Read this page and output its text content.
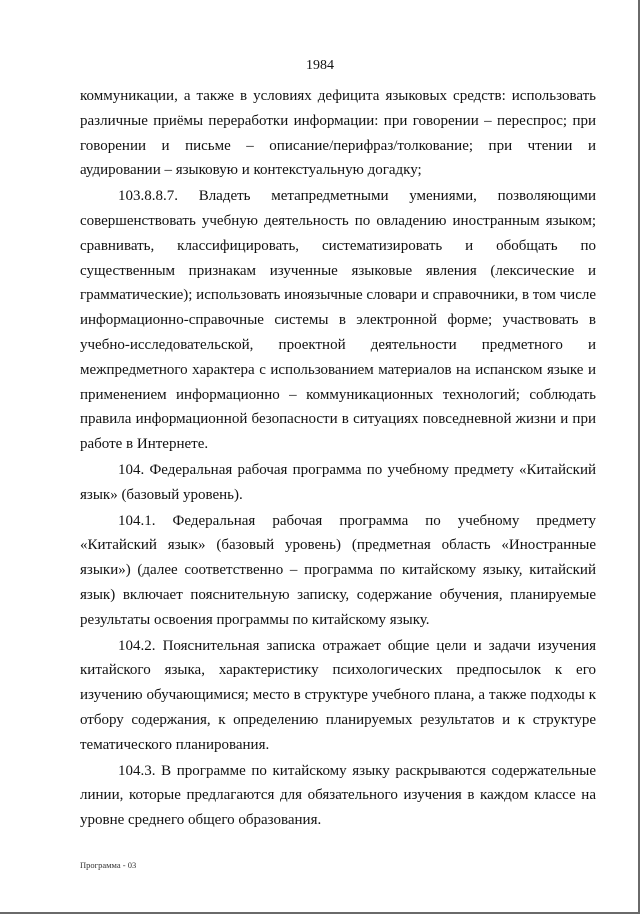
1984

коммуникации, а также в условиях дефицита языковых средств: использовать различные приёмы переработки информации: при говорении – переспрос; при говорении и письме – описание/перифраз/толкование; при чтении и аудировании – языковую и контекстуальную догадку;

103.8.8.7. Владеть метапредметными умениями, позволяющими совершенствовать учебную деятельность по овладению иностранным языком; сравнивать, классифицировать, систематизировать и обобщать по существенным признакам изученные языковые явления (лексические и грамматические); использовать иноязычные словари и справочники, в том числе информационно-справочные системы в электронной форме; участвовать в учебно-исследовательской, проектной деятельности предметного и межпредметного характера с использованием материалов на испанском языке и применением информационно – коммуникационных технологий; соблюдать правила информационной безопасности в ситуациях повседневной жизни и при работе в Интернете.

104. Федеральная рабочая программа по учебному предмету «Китайский язык» (базовый уровень).

104.1. Федеральная рабочая программа по учебному предмету «Китайский язык» (базовый уровень) (предметная область «Иностранные языки») (далее соответственно – программа по китайскому языку, китайский язык) включает пояснительную записку, содержание обучения, планируемые результаты освоения программы по китайскому языку.

104.2. Пояснительная записка отражает общие цели и задачи изучения китайского языка, характеристику психологических предпосылок к его изучению обучающимися; место в структуре учебного плана, а также подходы к отбору содержания, к определению планируемых результатов и к структуре тематического планирования.

104.3. В программе по китайскому языку раскрываются содержательные линии, которые предлагаются для обязательного изучения в каждом классе на уровне среднего общего образования.

Программа - 03
